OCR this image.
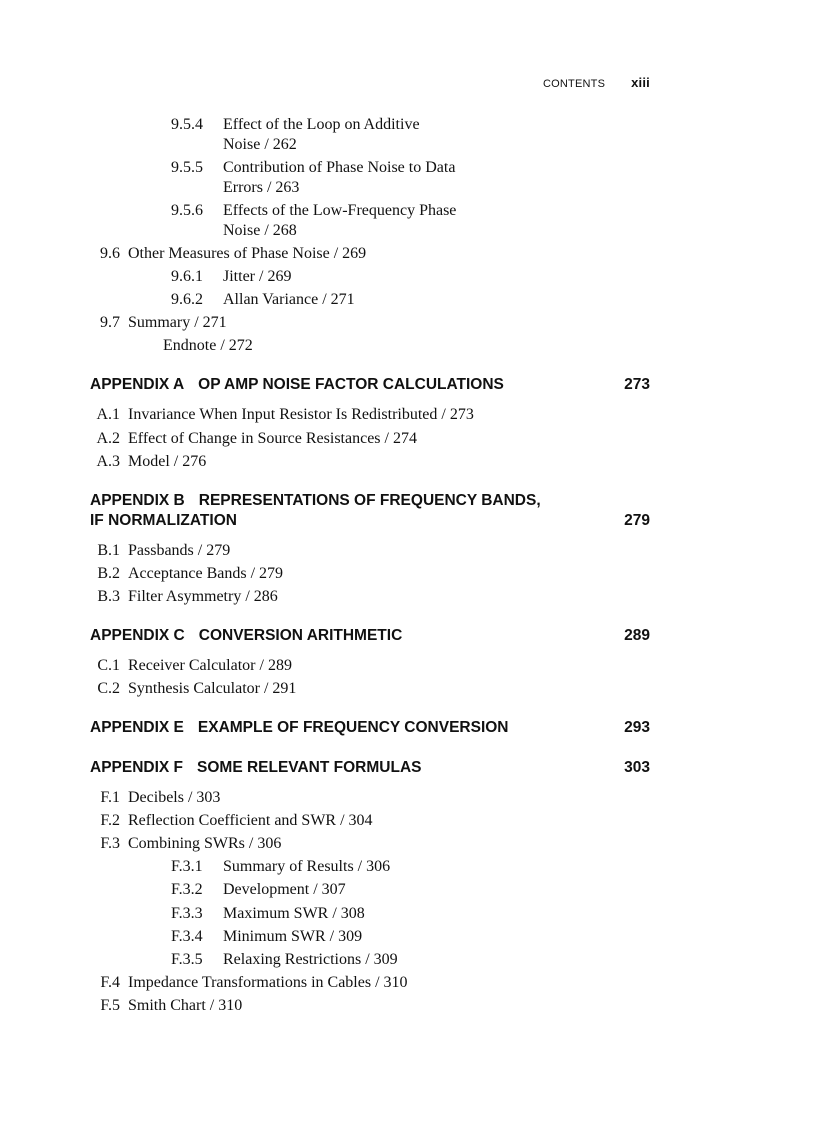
CONTENTS xiii
9.5.4 Effect of the Loop on Additive
Noise / 262
9.5.5 Contribution of Phase Noise to Data
Errors / 263
9.5.6 Effects of the Low-Frequency Phase
Noise / 268
9.6 Other Measures of Phase Noise / 269
9.6.1 Jitter / 269
9.6.2 Allan Variance / 271
9.7 Summary / 271
Endnote / 272
APPENDIX A OP AMP NOISE FACTOR CALCULATIONS	273
A.1 Invariance When Input Resistor Is Redistributed / 273
A.2 Effect of Change in Source Resistances / 274
A.3 Model / 276
APPENDIX B REPRESENTATIONS OF FREQUENCY BANDS,
IF NORMALIZATION	279
B.1 Passbands / 279
B.2 Acceptance Bands / 279
B.3 Filter Asymmetry / 286
APPENDIX C CONVERSION ARITHMETIC	289
C.1 Receiver Calculator / 289
C.2 Synthesis Calculator / 291
APPENDIX E EXAMPLE OF FREQUENCY CONVERSION	293
APPENDIX F SOME RELEVANT FORMULAS	303
F.1 Decibels / 303
F.2 Reflection Coefficient and SWR / 304
F.3 Combining SWRs / 306
F.3.1 Summary of Results / 306
F.3.2 Development / 307
F.3.3 Maximum SWR / 308
F.3.4 Minimum SWR / 309
F.3.5 Relaxing Restrictions / 309
F.4 Impedance Transformations in Cables / 310
F.5 Smith Chart / 310
